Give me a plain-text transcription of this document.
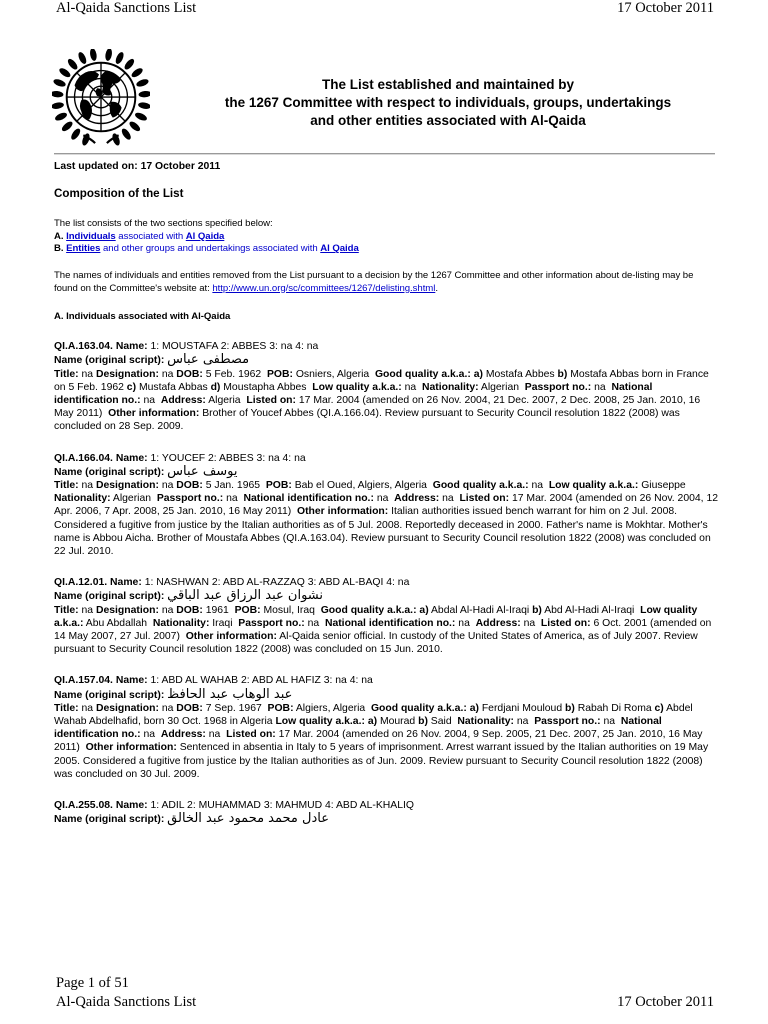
Al-Qaida Sanctions List	17 October 2011
The List established and maintained by
the 1267 Committee with respect to individuals, groups, undertakings
and other entities associated with Al-Qaida

Last updated on: 17 October 2011

Composition of the List

The list consists of the two sections specified below:

A. Individuals associated with Al Qaida

B. Entities and other groups and undertakings associated with Al Qaida

The names of individuals and entities removed from the List pursuant to a decision by the 1267 Committee and other information about de-listing may be found on the Committee's website at: http://www.un.org/sc/committees/1267/delisting.shtml.

A. Individuals associated with Al-Qaida

QI.A.163.04. Name: 1: MOUSTAFA 2: ABBES 3: na 4: na

Name (original script): مصطفى عباس

Title: na Designation: na DOB: 5 Feb. 1962 POB: Osniers, Algeria Good quality a.k.a.: a) Mostafa Abbes b) Mostafa Abbas born in France on 5 Feb. 1962 c) Mustafa Abbas d) Moustapha Abbes Low quality a.k.a.: na Nationality: Algerian Passport no.: na National identification no.: na Address: Algeria Listed on: 17 Mar. 2004 (amended on 26 Nov. 2004, 21 Dec. 2007, 2 Dec. 2008, 25 Jan. 2010, 16 May 2011) Other information: Brother of Youcef Abbes (QI.A.166.04). Review pursuant to Security Council resolution 1822 (2008) was concluded on 28 Sep. 2009.

QI.A.166.04. Name: 1: YOUCEF 2: ABBES 3: na 4: na

Name (original script): يوسف عباس

Title: na Designation: na DOB: 5 Jan. 1965 POB: Bab el Oued, Algiers, Algeria Good quality a.k.a.: na Low quality a.k.a.: Giuseppe  Nationality: Algerian Passport no.: na National identification no.: na Address: na Listed on: 17 Mar. 2004 (amended on 26 Nov. 2004, 12 Apr. 2006, 7 Apr. 2008, 25 Jan. 2010, 16 May 2011) Other information: Italian authorities issued bench warrant for him on 2 Jul. 2008. Considered a fugitive from justice by the Italian authorities as of 5 Jul. 2008. Reportedly deceased in 2000. Father's name is Mokhtar. Mother's name is Abbou Aicha. Brother of Moustafa Abbes (QI.A.163.04). Review pursuant to Security Council resolution 1822 (2008) was concluded on 22 Jul. 2010.

QI.A.12.01. Name: 1: NASHWAN 2: ABD AL-RAZZAQ 3: ABD AL-BAQI 4: na

Name (original script): نشوان عبد الرزاق عبد الباقي

Title: na Designation: na DOB: 1961 POB: Mosul, Iraq Good quality a.k.a.: a) Abdal Al-Hadi Al-Iraqi b) Abd Al-Hadi Al-Iraqi Low quality a.k.a.: Abu Abdallah Nationality: Iraqi Passport no.: na National identification no.: na Address: na Listed on: 6 Oct. 2001 (amended on 14 May 2007, 27 Jul. 2007) Other information: Al-Qaida senior official. In custody of the United States of America, as of July 2007. Review pursuant to Security Council resolution 1822 (2008) was concluded on 15 Jun. 2010.

QI.A.157.04. Name: 1: ABD AL WAHAB 2: ABD AL HAFIZ 3: na 4: na

Name (original script): عبد الوهاب عبد الحافظ

Title: na Designation: na DOB: 7 Sep. 1967 POB: Algiers, Algeria Good quality a.k.a.: a) Ferdjani Mouloud b) Rabah Di Roma c) Abdel Wahab Abdelhafid, born 30 Oct. 1968 in Algeria Low quality a.k.a.: a) Mourad b) Said Nationality: na Passport no.: na National identification no.: na Address: na Listed on: 17 Mar. 2004 (amended on 26 Nov. 2004, 9 Sep. 2005, 21 Dec. 2007, 25 Jan. 2010, 16 May 2011) Other information: Sentenced in absentia in Italy to 5 years of imprisonment. Arrest warrant issued by the Italian authorities on 19 May 2005. Considered a fugitive from justice by the Italian authorities as of Jun. 2009. Review pursuant to Security Council resolution 1822 (2008) was concluded on 30 Jul. 2009.

QI.A.255.08. Name: 1: ADIL 2: MUHAMMAD 3: MAHMUD 4: ABD AL-KHALIQ

Name (original script): عادل محمد محمود عبد الخالق

Page 1 of 51
Al-Qaida Sanctions List	17 October 2011
